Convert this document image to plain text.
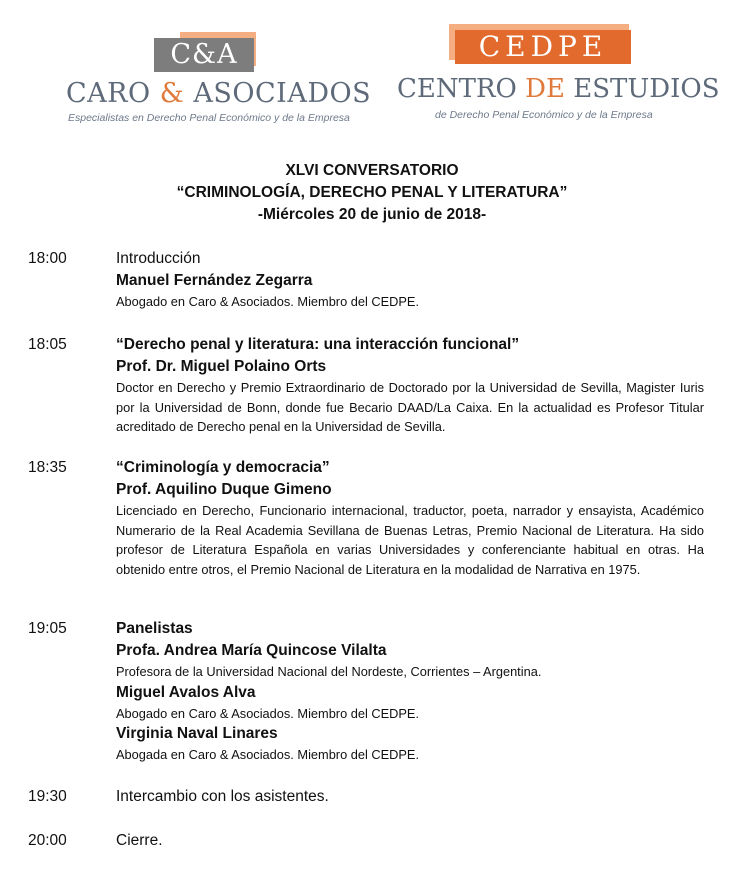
C&A
CARO & ASOCIADOS
Especialistas en Derecho Penal Económico y de la Empresa
CEDPE
CENTRO DE ESTUDIOS
de Derecho Penal Económico y de la Empresa
XLVI CONVERSATORIO
“CRIMINOLOGÍA, DERECHO PENAL Y LITERATURA”
-Miércoles 20 de junio de 2018-
18:00	Introducción
Manuel Fernández Zegarra
Abogado en Caro & Asociados. Miembro del CEDPE.
18:05	“Derecho penal y literatura: una interacción funcional”
Prof. Dr. Miguel Polaino Orts
Doctor en Derecho y Premio Extraordinario de Doctorado por la Universidad de Sevilla, Magister Iuris por la Universidad de Bonn, donde fue Becario DAAD/La Caixa. En la actualidad es Profesor Titular acreditado de Derecho penal en la Universidad de Sevilla.
18:35	“Criminología y democracia”
Prof. Aquilino Duque Gimeno
Licenciado en Derecho, Funcionario internacional, traductor, poeta, narrador y ensayista, Académico Numerario de la Real Academia Sevillana de Buenas Letras, Premio Nacional de Literatura. Ha sido profesor de Literatura Española en varias Universidades y conferenciante habitual en otras. Ha obtenido entre otros, el Premio Nacional de Literatura en la modalidad de Narrativa en 1975.
19:05	Panelistas
Profa. Andrea María Quincose Vilalta
Profesora de la Universidad Nacional del Nordeste, Corrientes – Argentina.
Miguel Avalos Alva
Abogado en Caro & Asociados. Miembro del CEDPE.
Virginia Naval Linares
Abogada en Caro & Asociados. Miembro del CEDPE.
19:30	Intercambio con los asistentes.
20:00	Cierre.
